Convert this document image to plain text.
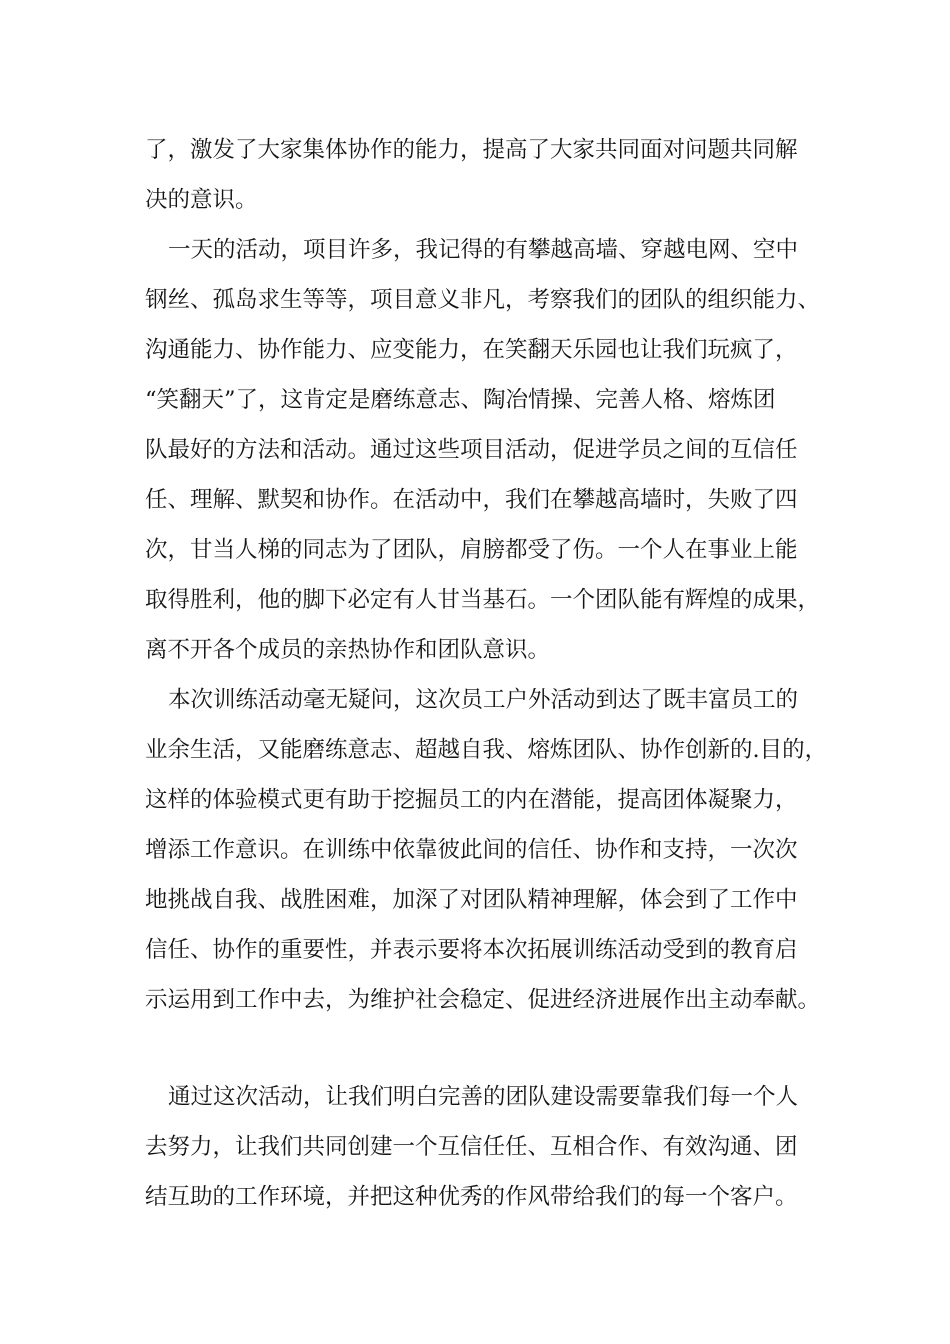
了，激发了大家集体协作的能力，提高了大家共同面对问题共同解

决的意识。

一天的活动，项目许多，我记得的有攀越高墙、穿越电网、空中

钢丝、孤岛求生等等，项目意义非凡，考察我们的团队的组织能力、

沟通能力、协作能力、应变能力，在笑翻天乐园也让我们玩疯了，

“笑翻天”了，这肯定是磨练意志、陶冶情操、完善人格、熔炼团

队最好的方法和活动。通过这些项目活动，促进学员之间的互信任

任、理解、默契和协作。在活动中，我们在攀越高墙时，失败了四

次，甘当人梯的同志为了团队，肩膀都受了伤。一个人在事业上能

取得胜利，他的脚下必定有人甘当基石。一个团队能有辉煌的成果，

离不开各个成员的亲热协作和团队意识。

本次训练活动毫无疑问，这次员工户外活动到达了既丰富员工的

业余生活，又能磨练意志、超越自我、熔炼团队、协作创新的.目的，

这样的体验模式更有助于挖掘员工的内在潜能，提高团体凝聚力，

增添工作意识。在训练中依靠彼此间的信任、协作和支持，一次次

地挑战自我、战胜困难，加深了对团队精神理解，体会到了工作中

信任、协作的重要性，并表示要将本次拓展训练活动受到的教育启

示运用到工作中去，为维护社会稳定、促进经济进展作出主动奉献。

通过这次活动，让我们明白完善的团队建设需要靠我们每一个人

去努力，让我们共同创建一个互信任任、互相合作、有效沟通、团

结互助的工作环境，并把这种优秀的作风带给我们的每一个客户。
